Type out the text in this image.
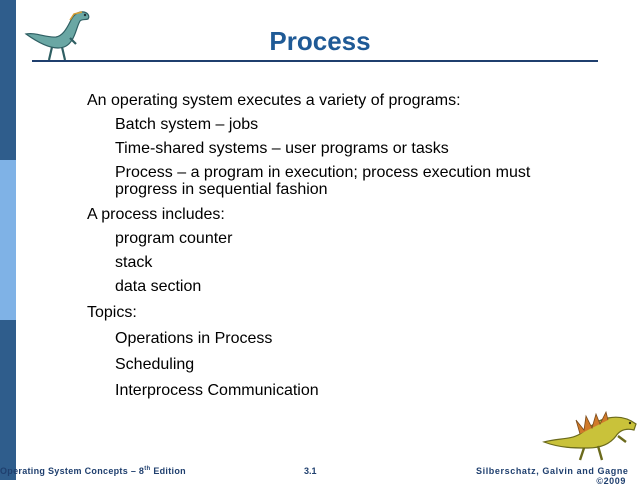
Process
An operating system executes a variety of programs:
Batch system – jobs
Time-shared systems – user programs or tasks
Process – a program in execution; process execution must progress in sequential fashion
A process includes:
program counter
stack
data section
Topics:
Operations in Process
Scheduling
Interprocess Communication
Operating System Concepts – 8th Edition	3.1	Silberschatz, Galvin and Gagne
©2009
